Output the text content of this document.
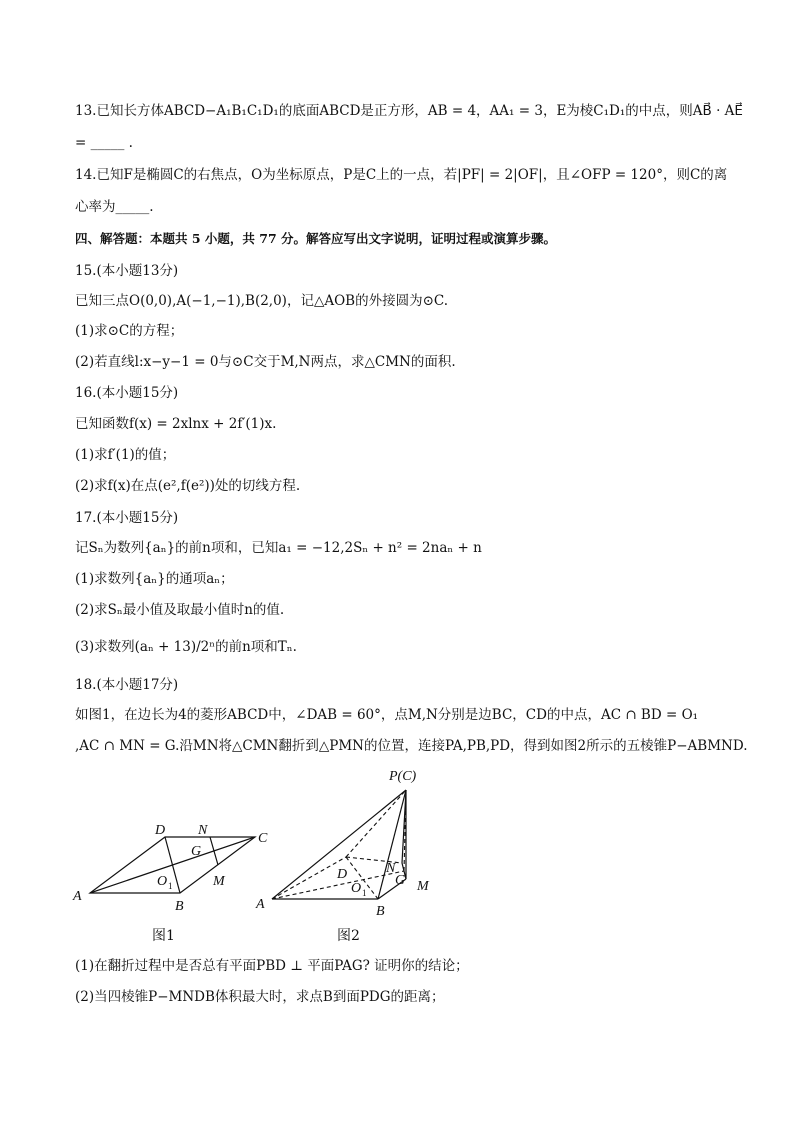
13.已知长方体ABCD−A₁B₁C₁D₁的底面ABCD是正方形，AB = 4，AA₁ = 3，E为棱C₁D₁的中点，则AB⃗ · AE⃗
= _____ .
14.已知F是椭圆C的右焦点，O为坐标原点，P是C上的一点，若|PF| = 2|OF|，且∠OFP = 120°，则C的离
心率为_____.
四、解答题：本题共 5 小题，共 77 分。解答应写出文字说明，证明过程或演算步骤。
15.(本小题13分)
已知三点O(0,0),A(−1,−1),B(2,0)，记△AOB的外接圆为⊙C.
(1)求⊙C的方程；
(2)若直线l:x−y−1 = 0与⊙C交于M,N两点，求△CMN的面积.
16.(本小题15分)
已知函数f(x) = 2xlnx + 2f′(1)x.
(1)求f′(1)的值；
(2)求f(x)在点(e²,f(e²))处的切线方程.
17.(本小题15分)
记Sₙ为数列{aₙ}的前n项和，已知a₁ = −12,2Sₙ + n² = 2naₙ + n
(1)求数列{aₙ}的通项aₙ；
(2)求Sₙ最小值及取最小值时n的值.
(3)求数列(aₙ + 13)/2ⁿ的前n项和Tₙ.
18.(本小题17分)
如图1，在边长为4的菱形ABCD中，∠DAB = 60°，点M,N分别是边BC，CD的中点，AC ∩ BD = O₁
,AC ∩ MN = G.沿MN将△CMN翻折到△PMN的位置，连接PA,PB,PD，得到如图2所示的五棱锥P−ABMND.
(1)在翻折过程中是否总有平面PBD ⊥ 平面PAG? 证明你的结论；
(2)当四棱锥P−MNDB体积最大时，求点B到面PDG的距离；
A
B
C
D N
G
M
O 1
图1
P(C)
A	B
D	N
G M
O 1
图2
